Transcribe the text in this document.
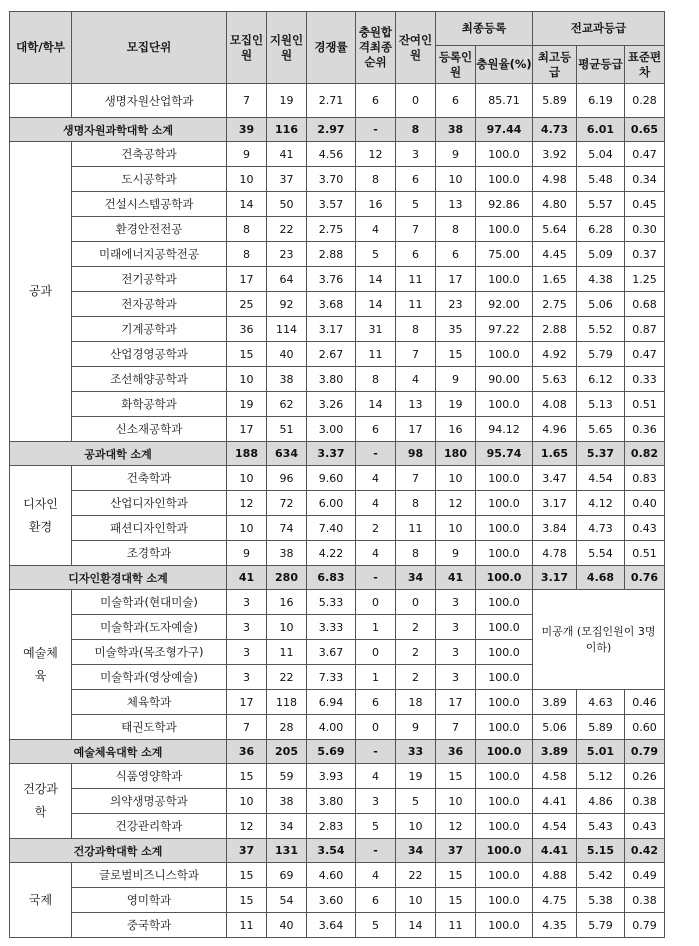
대학/학부	모집단위	모집인원	지원인원	경쟁률	충원합격최종순위	잔여인원	최종등록		전교과등급		
							등록인원	충원율(%)	최고등급	평균등급	표준편차
	생명자원산업학과	7	19	2.71	6	0	6	85.71	5.89	6.19	0.28
생명자원과학대학 소계		39	116	2.97	-	8	38	97.44	4.73	6.01	0.65
공과	건축공학과	9	41	4.56	12	3	9	100.0	3.92	5.04	0.47
	도시공학과	10	37	3.70	8	6	10	100.0	4.98	5.48	0.34
	건설시스템공학과	14	50	3.57	16	5	13	92.86	4.80	5.57	0.45
	환경안전전공	8	22	2.75	4	7	8	100.0	5.64	6.28	0.30
	미래에너지공학전공	8	23	2.88	5	6	6	75.00	4.45	5.09	0.37
	전기공학과	17	64	3.76	14	11	17	100.0	1.65	4.38	1.25
	전자공학과	25	92	3.68	14	11	23	92.00	2.75	5.06	0.68
	기계공학과	36	114	3.17	31	8	35	97.22	2.88	5.52	0.87
	산업경영공학과	15	40	2.67	11	7	15	100.0	4.92	5.79	0.47
	조선해양공학과	10	38	3.80	8	4	9	90.00	5.63	6.12	0.33
	화학공학과	19	62	3.26	14	13	19	100.0	4.08	5.13	0.51
	신소재공학과	17	51	3.00	6	17	16	94.12	4.96	5.65	0.36
공과대학 소계		188	634	3.37	-	98	180	95.74	1.65	5.37	0.82
디자인환경	건축학과	10	96	9.60	4	7	10	100.0	3.47	4.54	0.83
	산업디자인학과	12	72	6.00	4	8	12	100.0	3.17	4.12	0.40
	패션디자인학과	10	74	7.40	2	11	10	100.0	3.84	4.73	0.43
	조경학과	9	38	4.22	4	8	9	100.0	4.78	5.54	0.51
디자인환경대학 소계		41	280	6.83	-	34	41	100.0	3.17	4.68	0.76
예술체육	미술학과(현대미술)	3	16	5.33	0	0	3	100.0	미공개 (모집인원이 3명 이하)		
	미술학과(도자예술)	3	10	3.33	1	2	3	100.0			
	미술학과(목조형가구)	3	11	3.67	0	2	3	100.0			
	미술학과(영상예술)	3	22	7.33	1	2	3	100.0			
	체육학과	17	118	6.94	6	18	17	100.0	3.89	4.63	0.46
	태권도학과	7	28	4.00	0	9	7	100.0	5.06	5.89	0.60
예술체육대학 소계		36	205	5.69	-	33	36	100.0	3.89	5.01	0.79
건강과학	식품영양학과	15	59	3.93	4	19	15	100.0	4.58	5.12	0.26
	의약생명공학과	10	38	3.80	3	5	10	100.0	4.41	4.86	0.38
	건강관리학과	12	34	2.83	5	10	12	100.0	4.54	5.43	0.43
건강과학대학 소계		37	131	3.54	-	34	37	100.0	4.41	5.15	0.42
국제	글로벌비즈니스학과	15	69	4.60	4	22	15	100.0	4.88	5.42	0.49
	영미학과	15	54	3.60	6	10	15	100.0	4.75	5.38	0.38
	중국학과	11	40	3.64	5	14	11	100.0	4.35	5.79	0.79
